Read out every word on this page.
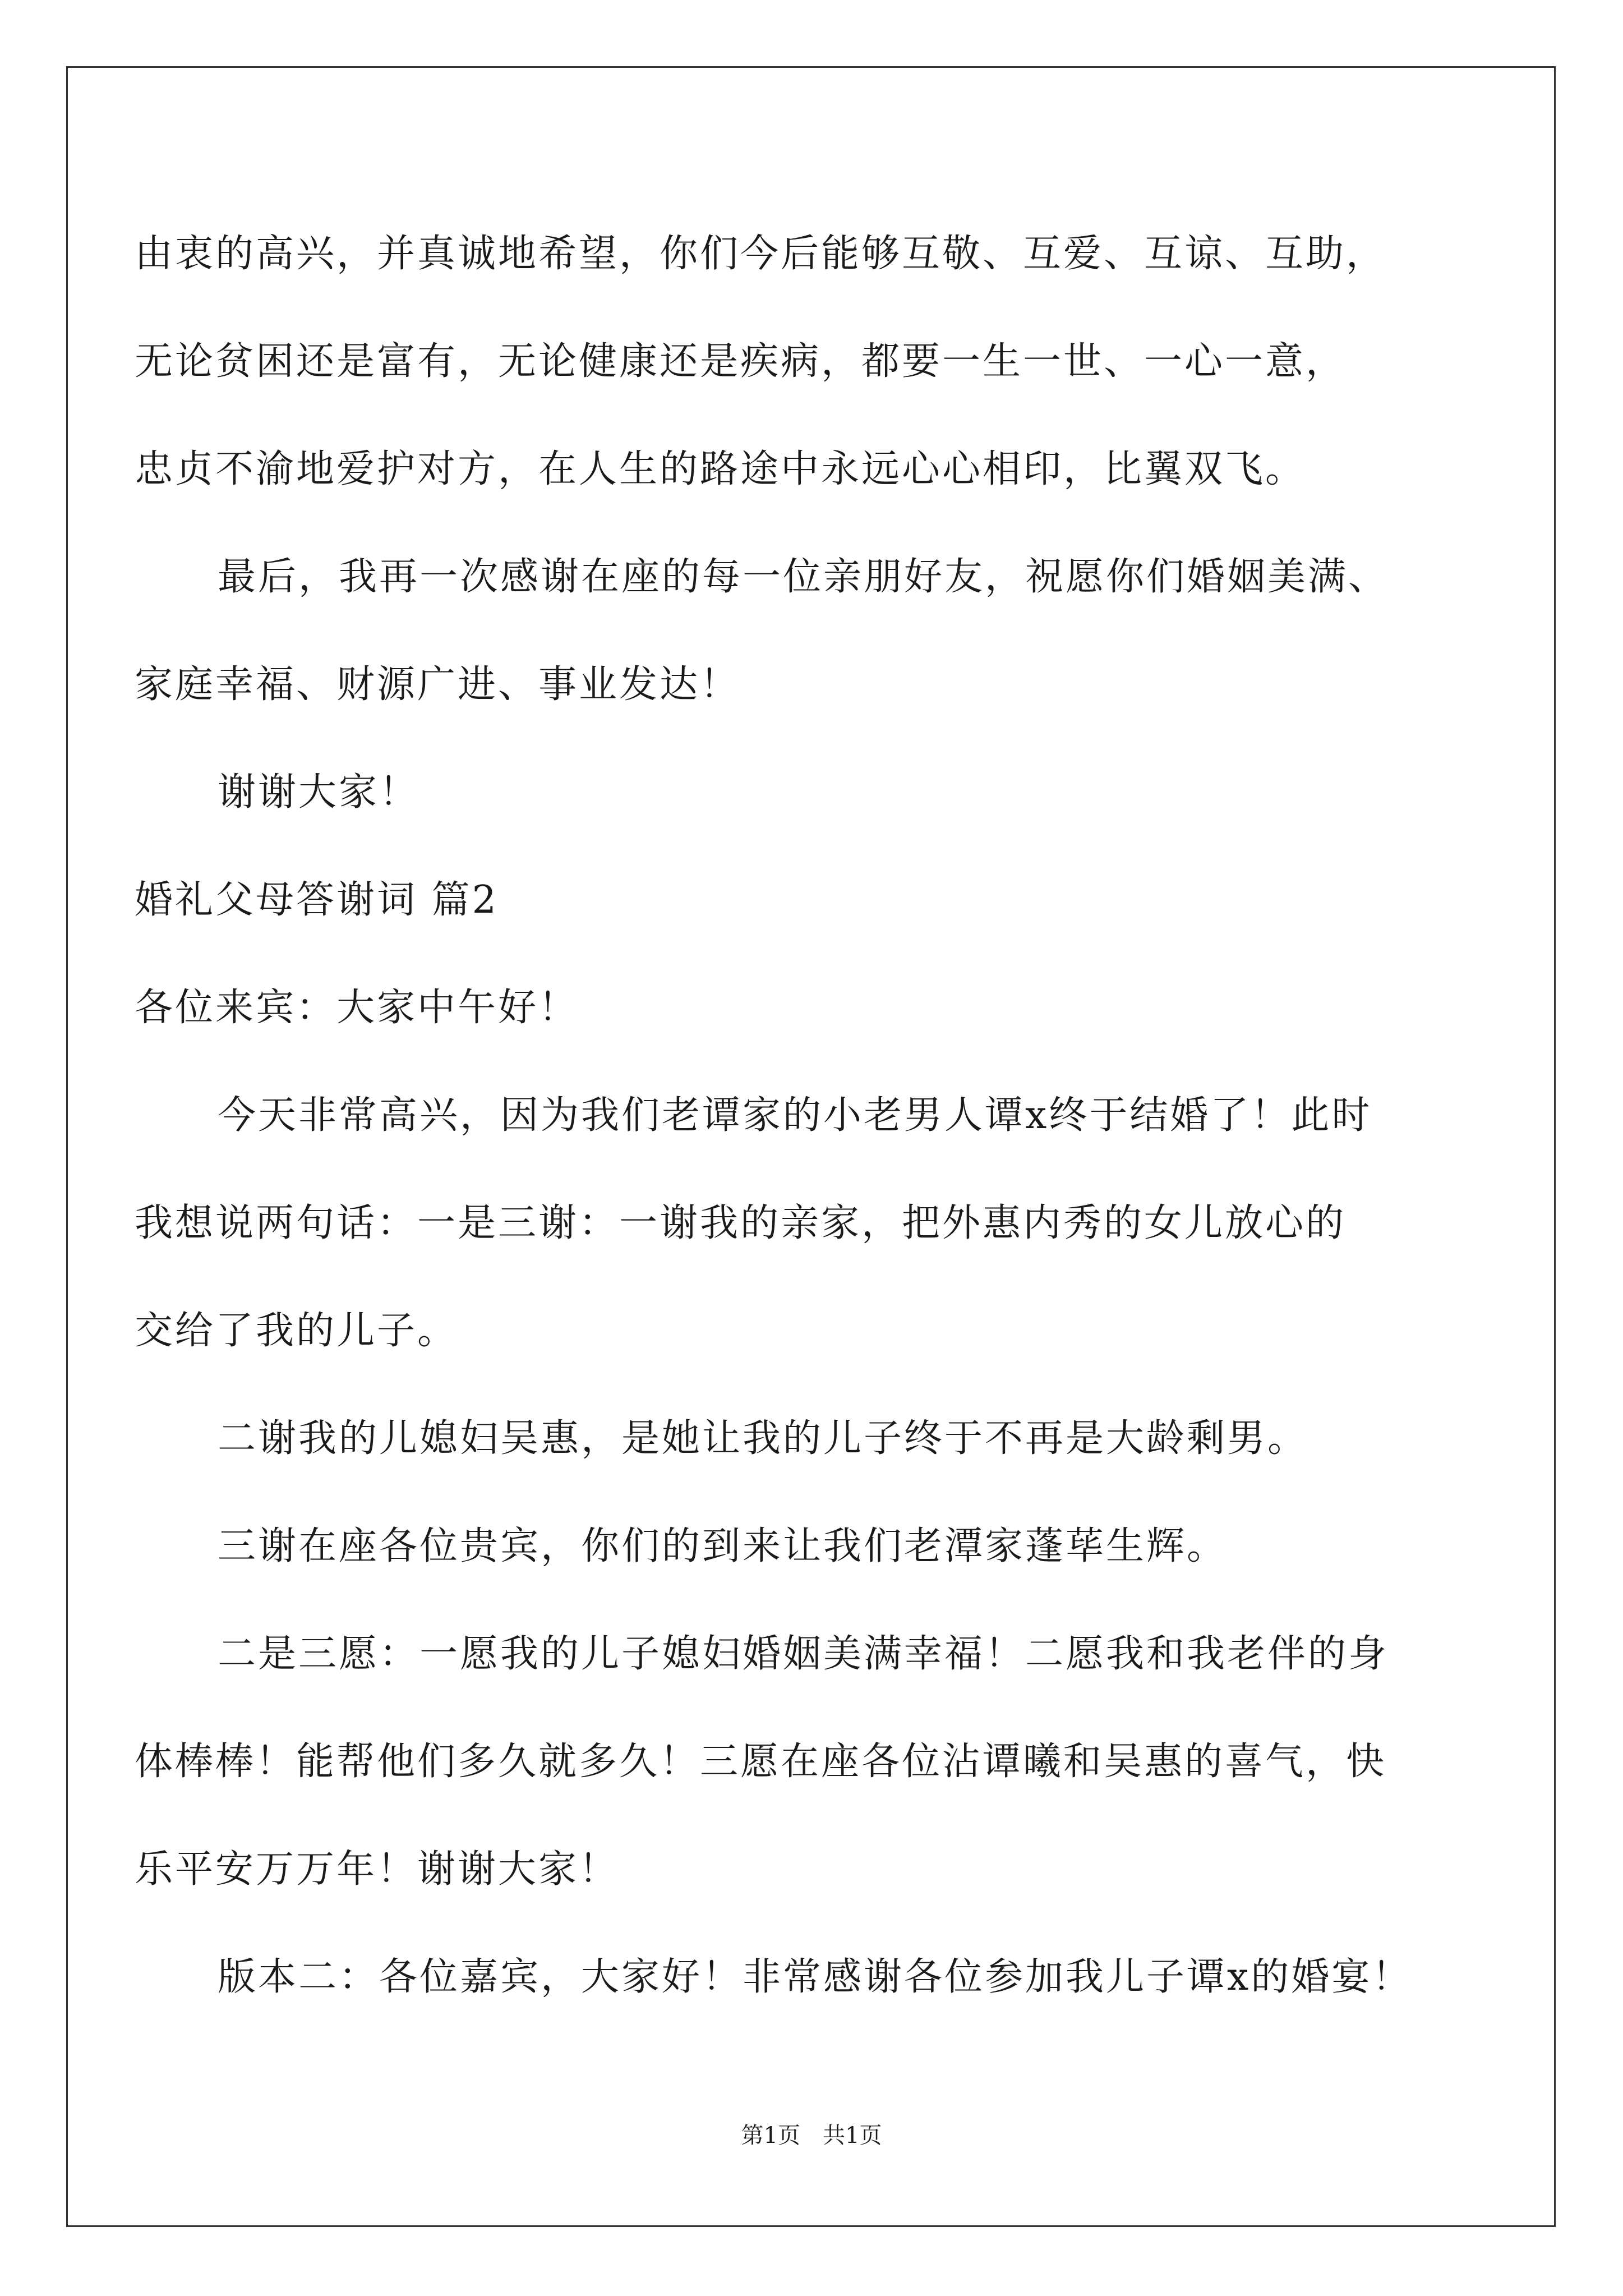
由衷的高兴，并真诚地希望，你们今后能够互敬、互爱、互谅、互助，
无论贫困还是富有，无论健康还是疾病，都要一生一世、一心一意，
忠贞不渝地爱护对方，在人生的路途中永远心心相印，比翼双飞。
最后，我再一次感谢在座的每一位亲朋好友，祝愿你们婚姻美满、
家庭幸福、财源广进、事业发达！
谢谢大家！
婚礼父母答谢词 篇2
各位来宾：大家中午好！
今天非常高兴，因为我们老谭家的小老男人谭x终于结婚了！此时
我想说两句话：一是三谢：一谢我的亲家，把外惠内秀的女儿放心的
交给了我的儿子。
二谢我的儿媳妇吴惠，是她让我的儿子终于不再是大龄剩男。
三谢在座各位贵宾，你们的到来让我们老潭家蓬荜生辉。
二是三愿：一愿我的儿子媳妇婚姻美满幸福！二愿我和我老伴的身
体棒棒！能帮他们多久就多久！三愿在座各位沾谭曦和吴惠的喜气，快
乐平安万万年！谢谢大家！
版本二：各位嘉宾，大家好！非常感谢各位参加我儿子谭x的婚宴！
第1页 共1页
